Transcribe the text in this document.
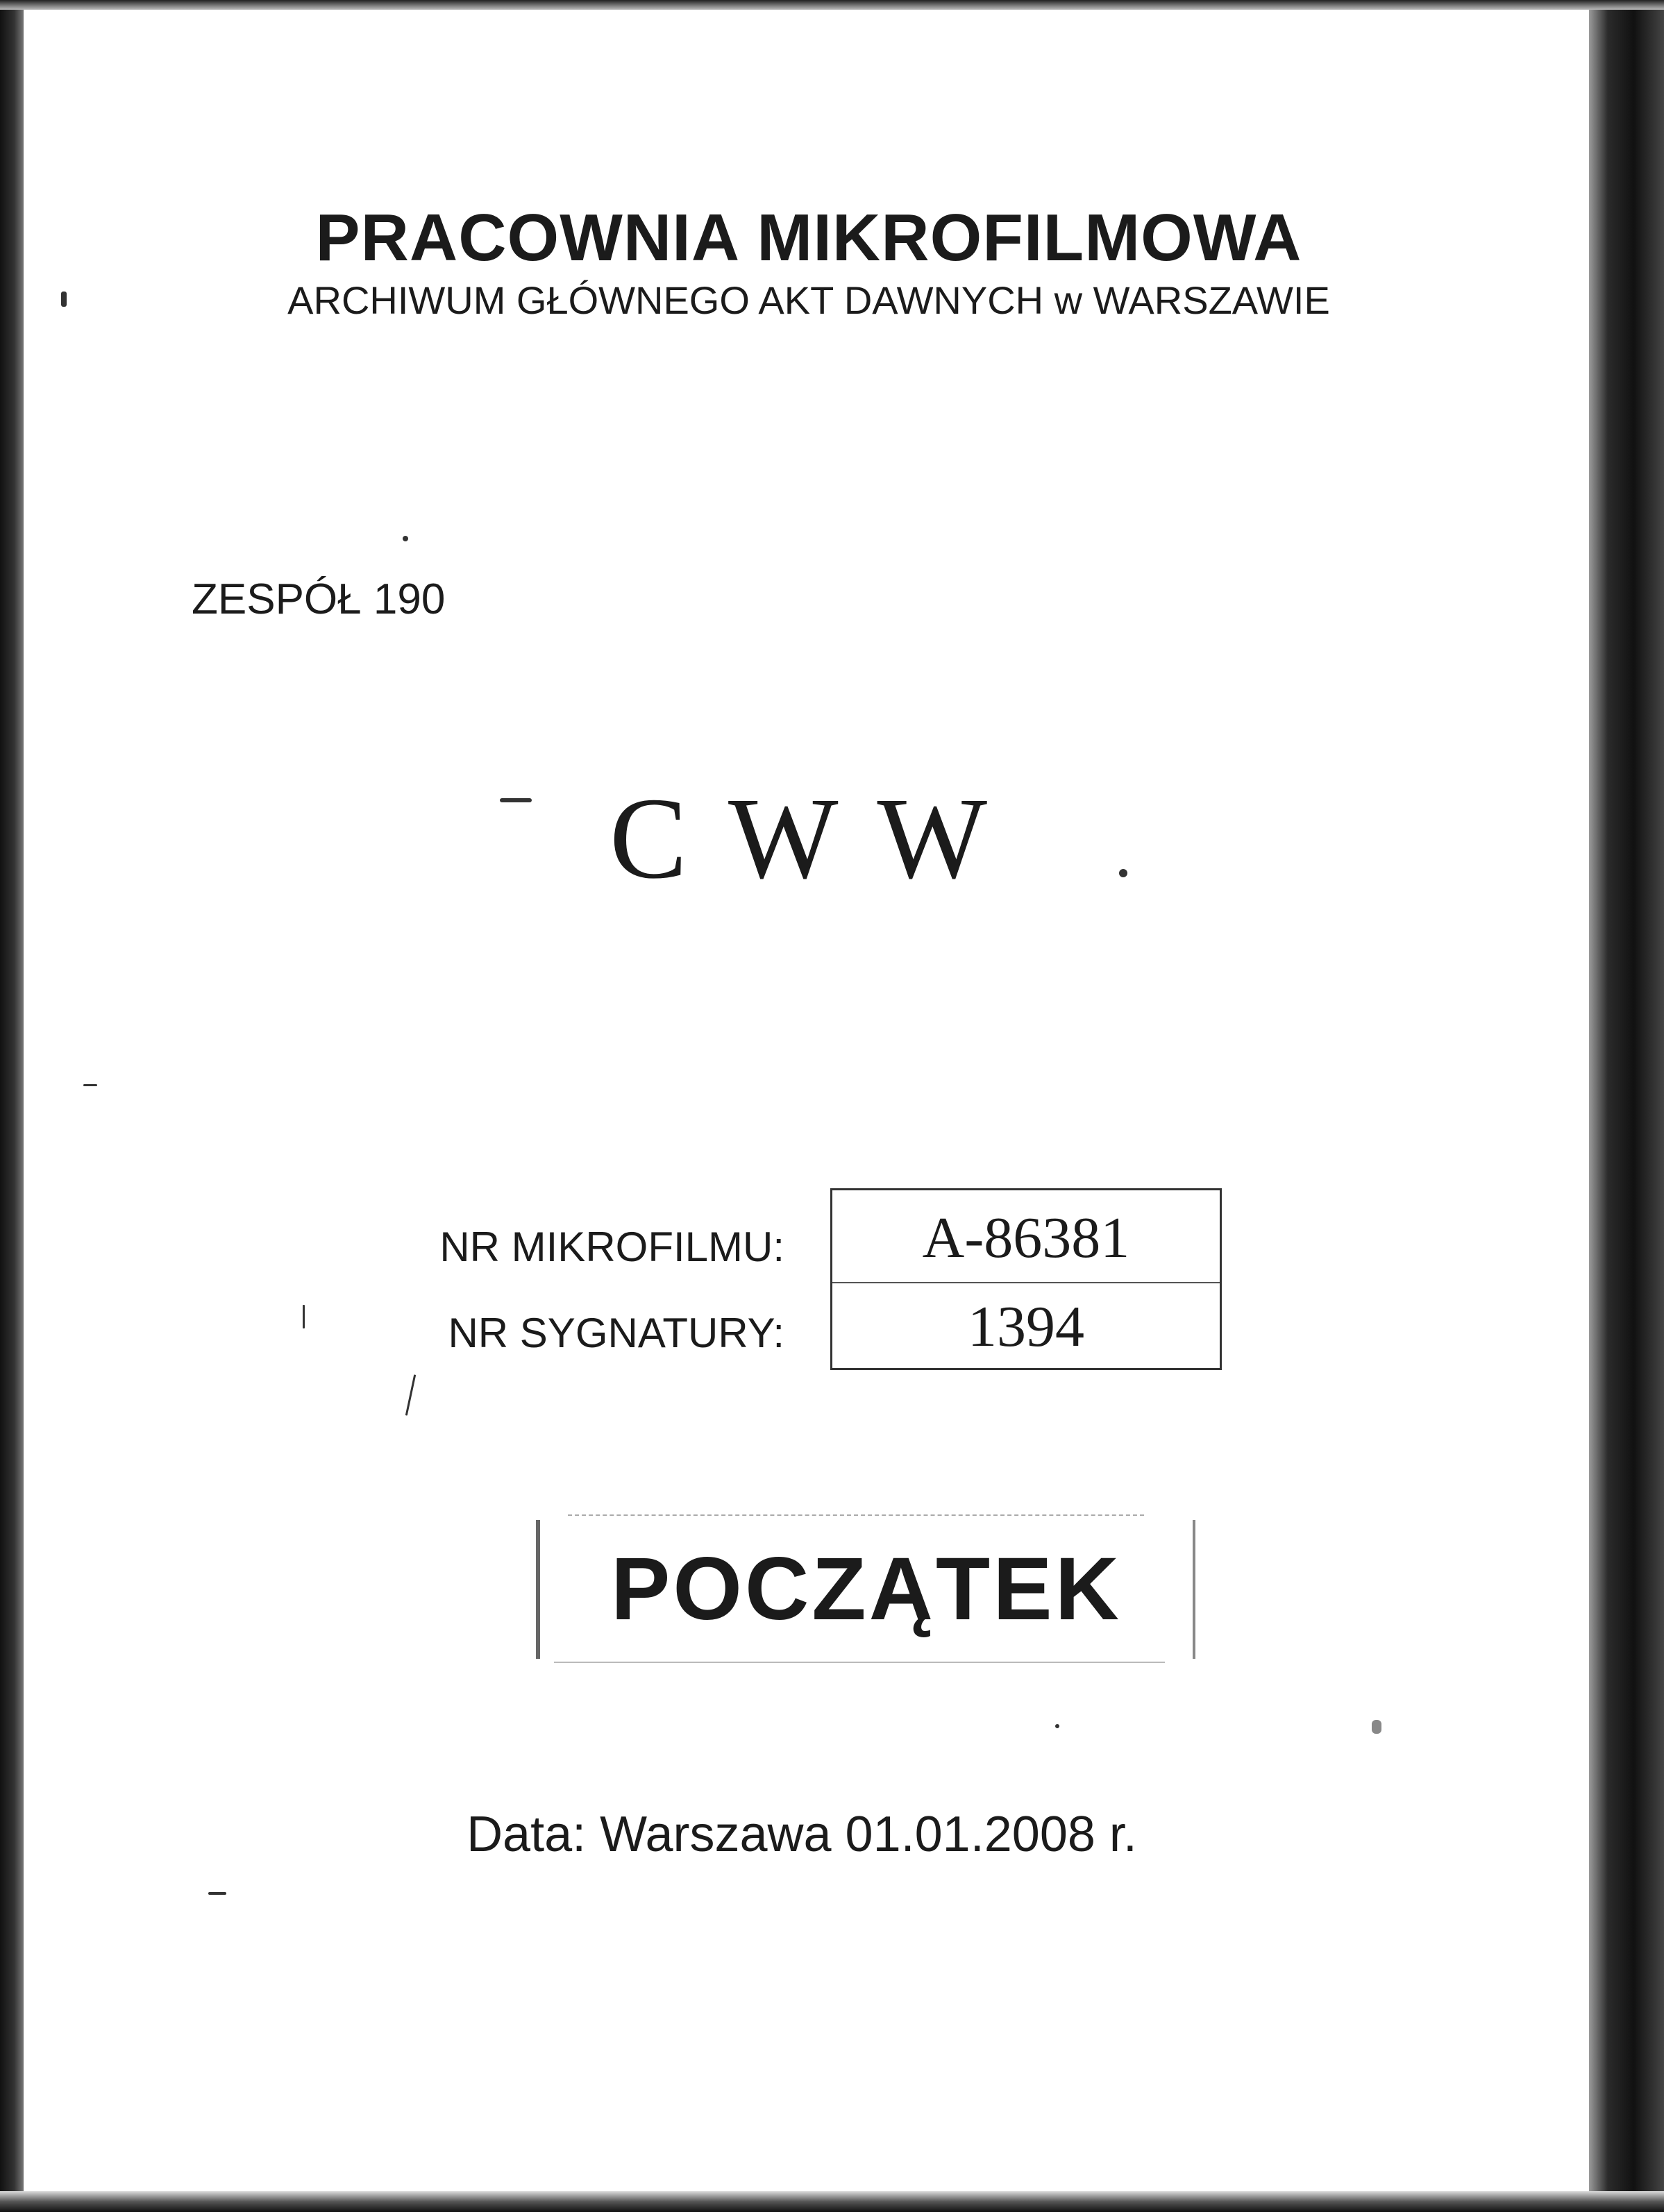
PRACOWNIA MIKROFILMOWA
ARCHIWUM GŁÓWNEGO AKT DAWNYCH w WARSZAWIE
ZESPÓŁ 190
C W W
NR MIKROFILMU:
NR SYGNATURY:
A-86381
1394
POCZĄTEK
Data: Warszawa 01.01.2008 r.
